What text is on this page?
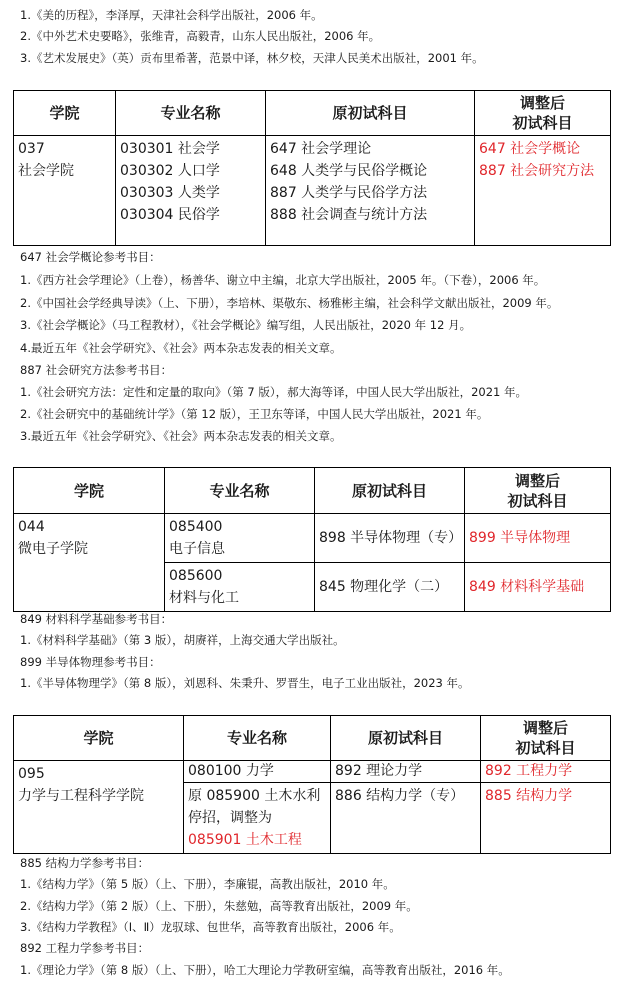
1.《美的历程》，李泽厚，天津社会科学出版社，2006 年。
2.《中外艺术史要略》，张维青，高毅青，山东人民出版社，2006 年。
3.《艺术发展史》（英）贡布里希著，范景中译，林夕校，天津人民美术出版社，2001 年。
学院	专业名称	原初试科目	调整后
初试科目

037
社会学院	030301 社会学
030302 人口学
030303 人类学
030304 民俗学	647 社会学理论
648 人类学与民俗学概论
887 人类学与民俗学方法
888 社会调查与统计方法	647 社会学概论
887 社会研究方法
647 社会学概论参考书目：
1.《西方社会学理论》（上卷），杨善华、谢立中主编，北京大学出版社，2005 年。（下卷），2006 年。
2.《中国社会学经典导读》（上、下册），李培林、渠敬东、杨雅彬主编，社会科学文献出版社，2009 年。
3.《社会学概论》（马工程教材），《社会学概论》编写组，人民出版社，2020 年 12 月。
4.最近五年《社会学研究》、《社会》两本杂志发表的相关文章。
887 社会研究方法参考书目：
1.《社会研究方法：定性和定量的取向》（第 7 版），郝大海等译，中国人民大学出版社，2021 年。
2.《社会研究中的基础统计学》（第 12 版），王卫东等译，中国人民大学出版社，2021 年。
3.最近五年《社会学研究》、《社会》两本杂志发表的相关文章。
学院	专业名称	原初试科目	调整后
初试科目

044
微电子学院	085400
电子信息	898 半导体物理（专）	899 半导体物理

	085600
材料与化工	845 物理化学（二）	849 材料科学基础
849 材料科学基础参考书目：
1.《材料科学基础》（第 3 版），胡赓祥，上海交通大学出版社。
899 半导体物理参考书目：
1.《半导体物理学》（第 8 版），刘恩科、朱秉升、罗晋生，电子工业出版社，2023 年。
学院	专业名称	原初试科目	调整后
初试科目

095
力学与工程科学学院	080100 力学	892 理论力学	892 工程力学

	原 085900 土木水利
停招，调整为
085901 土木工程	886 结构力学（专）	885 结构力学
885 结构力学参考书目：
1.《结构力学》（第 5 版）（上、下册），李廉锟，高教出版社，2010 年。
2.《结构力学》（第 2 版）（上、下册），朱慈勉，高等教育出版社，2009 年。
3.《结构力学教程》（Ⅰ、Ⅱ）龙驭球、包世华，高等教育出版社，2006 年。
892 工程力学参考书目：
1.《理论力学》（第 8 版）（上、下册），哈工大理论力学教研室编，高等教育出版社，2016 年。
